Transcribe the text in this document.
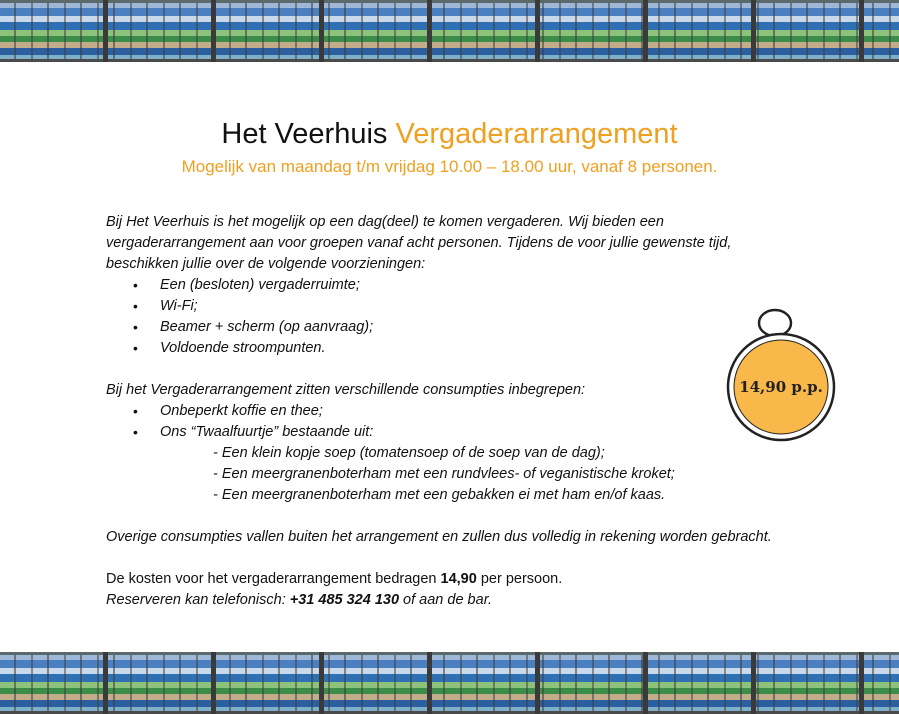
Het Veerhuis Vergaderarrangement
Mogelijk van maandag t/m vrijdag 10.00 – 18.00 uur, vanaf 8 personen.

Bij Het Veerhuis is het mogelijk op een dag(deel) te komen vergaderen. Wij bieden een vergaderarrangement aan voor groepen vanaf acht personen. Tijdens de voor jullie gewenste tijd, beschikken jullie over de volgende voorzieningen:

• Een (besloten) vergaderruimte;
• Wi-Fi;
• Beamer + scherm (op aanvraag);
• Voldoende stroompunten.

Bij het Vergaderarrangement zitten verschillende consumpties inbegrepen:

• Onbeperkt koffie en thee;
• Ons “Twaalfuurtje” bestaande uit:
- Een klein kopje soep (tomatensoep of de soep van de dag);
- Een meergranenboterham met een rundvlees- of veganistische kroket;
- Een meergranenboterham met een gebakken ei met ham en/of kaas.

Overige consumpties vallen buiten het arrangement en zullen dus volledig in rekening worden gebracht.

De kosten voor het vergaderarrangement bedragen 14,90 per persoon.

Reserveren kan telefonisch: +31 485 324 130 of aan de bar.

14,90 p.p.
